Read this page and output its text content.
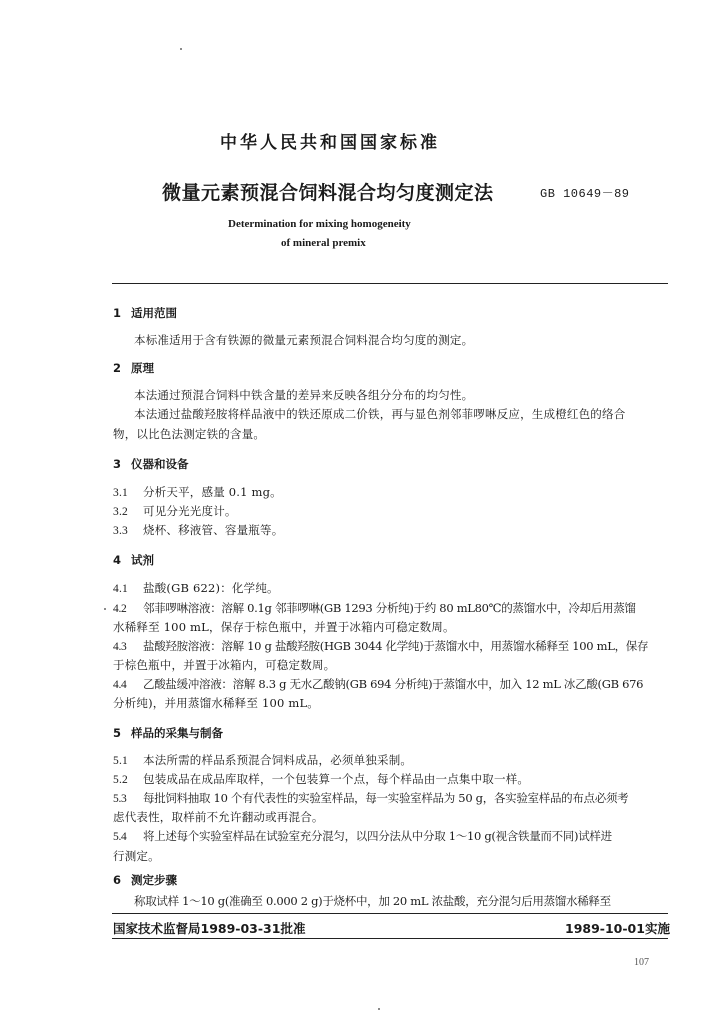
中华人民共和国国家标准
微量元素预混合饲料混合均匀度测定法	GB 10649－89
Determination for mixing homogeneity
of mineral premix
1 适用范围
本标准适用于含有铁源的微量元素预混合饲料混合均匀度的测定。
2 原理
本法通过预混合饲料中铁含量的差异来反映各组分分布的均匀性。
本法通过盐酸羟胺将样品液中的铁还原成二价铁，再与显色剂邻菲啰啉反应，生成橙红色的络合
物，以比色法测定铁的含量。
3 仪器和设备
3.1 分析天平，感量 0.1 mg。
3.2 可见分光光度计。
3.3 烧杯、移液管、容量瓶等。
4 试剂
4.1 盐酸(GB 622)：化学纯。
4.2 邻菲啰啉溶液：溶解 0.1g 邻菲啰啉(GB 1293 分析纯)于约 80 mL80℃的蒸馏水中，冷却后用蒸馏
水稀释至 100 mL，保存于棕色瓶中，并置于冰箱内可稳定数周。
4.3 盐酸羟胺溶液：溶解 10 g 盐酸羟胺(HGB 3044 化学纯)于蒸馏水中，用蒸馏水稀释至 100 mL，保存
于棕色瓶中，并置于冰箱内，可稳定数周。
4.4 乙酸盐缓冲溶液：溶解 8.3 g 无水乙酸钠(GB 694 分析纯)于蒸馏水中，加入 12 mL 冰乙酸(GB 676
分析纯)，并用蒸馏水稀释至 100 mL。
5 样品的采集与制备
5.1 本法所需的样品系预混合饲料成品，必须单独采制。
5.2 包装成品在成品库取样，一个包装算一个点，每个样品由一点集中取一样。
5.3 每批饲料抽取 10 个有代表性的实验室样品，每一实验室样品为 50 g，各实验室样品的布点必须考
虑代表性，取样前不允许翻动或再混合。
5.4 将上述每个实验室样品在试验室充分混匀，以四分法从中分取 1～10 g(视含铁量而不同)试样进
行测定。
6 测定步骤
称取试样 1～10 g(准确至 0.000 2 g)于烧杯中，加 20 mL 浓盐酸，充分混匀后用蒸馏水稀释至
国家技术监督局1989-03-31批准	1989-10-01实施
107
